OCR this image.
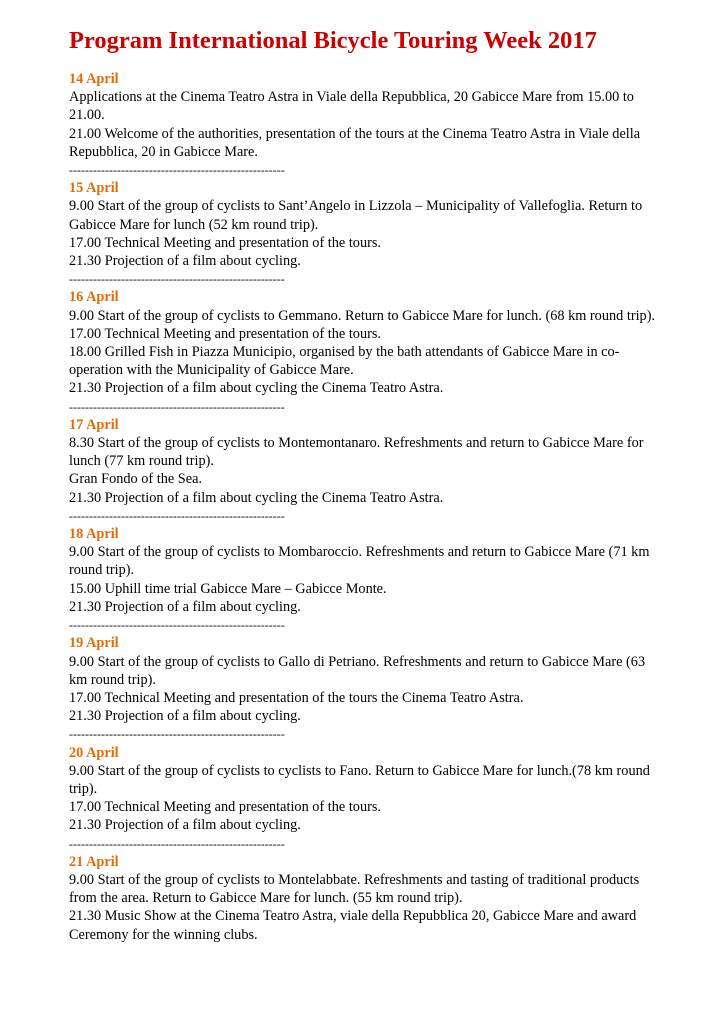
Program International Bicycle Touring Week 2017
14 April
Applications at the Cinema Teatro Astra in Viale della Repubblica, 20 Gabicce Mare from 15.00 to 21.00.
21.00 Welcome of the authorities, presentation of the tours at the Cinema Teatro Astra in Viale della Repubblica, 20 in Gabicce Mare.
------------------------------------------------------
15 April
9.00 Start of the group of cyclists to Sant’Angelo in Lizzola – Municipality of Vallefoglia. Return to Gabicce Mare for lunch (52 km round trip).
17.00 Technical Meeting and presentation of the tours.
21.30 Projection of a film about cycling.
------------------------------------------------------
16 April
9.00 Start of the group of cyclists to Gemmano. Return to Gabicce Mare for lunch. (68 km round trip).
17.00 Technical Meeting and presentation of the tours.
18.00 Grilled Fish in Piazza Municipio, organised by the bath attendants of Gabicce Mare in co-operation with the Municipality of Gabicce Mare.
21.30 Projection of a film about cycling the Cinema Teatro Astra.
------------------------------------------------------
17 April
8.30 Start of the group of cyclists to Montemontanaro. Refreshments and return to Gabicce Mare for lunch (77 km round trip).
Gran Fondo of the Sea.
21.30 Projection of a film about cycling the Cinema Teatro Astra.
------------------------------------------------------
18 April
9.00 Start of the group of cyclists to Mombaroccio. Refreshments and return to Gabicce Mare (71 km round trip).
15.00 Uphill time trial Gabicce Mare – Gabicce Monte.
21.30 Projection of a film about cycling.
------------------------------------------------------
19 April
9.00 Start of the group of cyclists to Gallo di Petriano. Refreshments and return to Gabicce Mare (63 km round trip).
17.00 Technical Meeting and presentation of the tours the Cinema Teatro Astra.
21.30 Projection of a film about cycling.
------------------------------------------------------
20 April
9.00 Start of the group of cyclists to cyclists to Fano. Return to Gabicce Mare for lunch.(78 km round trip).
17.00 Technical Meeting and presentation of the tours.
21.30 Projection of a film about cycling.
------------------------------------------------------
21 April
9.00 Start of the group of cyclists to Montelabbate. Refreshments and tasting of traditional products from the area. Return to Gabicce Mare for lunch. (55 km round trip).
21.30 Music Show at the Cinema Teatro Astra, viale della Repubblica 20, Gabicce Mare and award Ceremony for the winning clubs.
